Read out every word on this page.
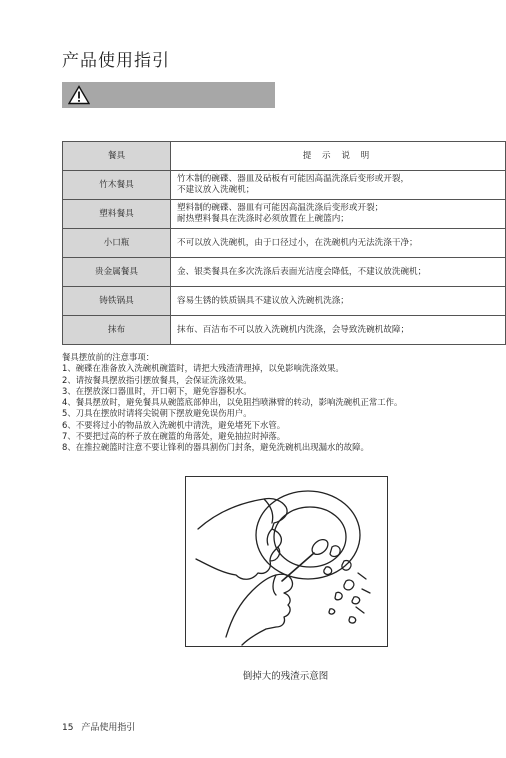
产品使用指引
餐具	提 示 说 明
竹木餐具	竹木制的碗碟、器皿及砧板有可能因高温洗涤后变形或开裂，
不建议放入洗碗机；

塑料餐具	塑料制的碗碟、器皿有可能因高温洗涤后变形或开裂；
耐热塑料餐具在洗涤时必须放置在上碗篮内；

小口瓶	不可以放入洗碗机，由于口径过小，在洗碗机内无法洗涤干净；

贵金属餐具	金、银类餐具在多次洗涤后表面光洁度会降低，不建议放洗碗机；

铸铁锅具	容易生锈的铁质锅具不建议放入洗碗机洗涤；

抹布	抹布、百洁布不可以放入洗碗机内洗涤，会导致洗碗机故障；
餐具摆放前的注意事项：
1、碗碟在准备放入洗碗机碗篮时，请把大残渣清理掉，以免影响洗涤效果。
2、请按餐具摆放指引摆放餐具，会保证洗涤效果。
3、在摆放深口器皿时，开口朝下，避免容器积水。
4、餐具摆放时，避免餐具从碗篮底部伸出，以免阻挡喷淋臂的转动，影响洗碗机正常工作。
5、刀具在摆放时请将尖锐朝下摆放避免误伤用户。
6、不要将过小的物品放入洗碗机中清洗，避免堵死下水管。
7、不要把过高的杯子放在碗篮的角落处，避免抽拉时掉落。
8、在推拉碗篮时注意不要让锋利的器具割伤门封条，避免洗碗机出现漏水的故障。
倒掉大的残渣示意图
15 产品使用指引
